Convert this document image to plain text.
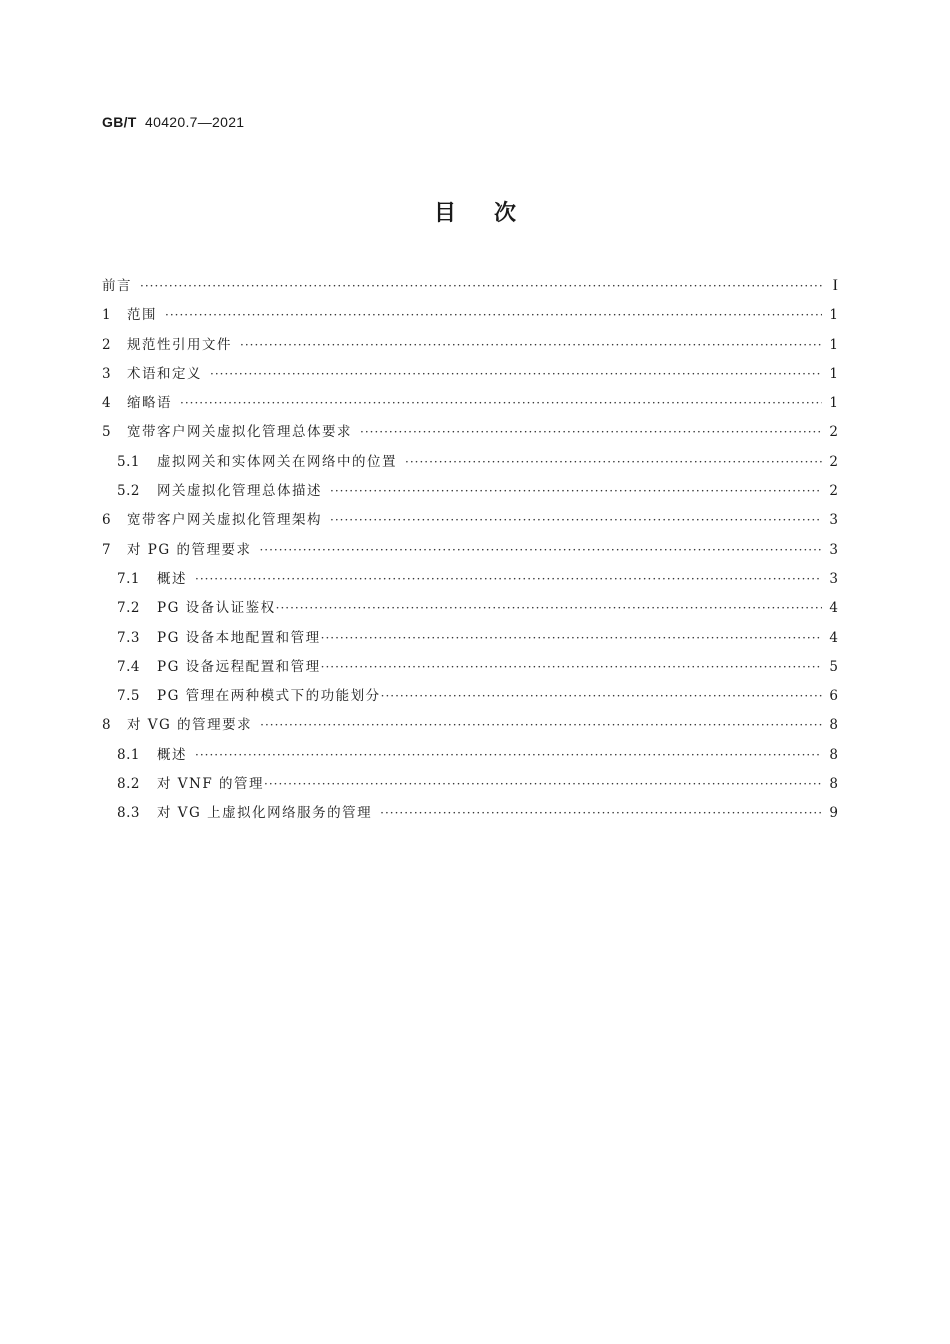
GB/T 40420.7—2021
目次
前言 ·····	I
1	范围 ·····	1
2	规范性引用文件 ·····	1
3	术语和定义 ·····	1
4	缩略语 ·····	1
5	宽带客户网关虚拟化管理总体要求 ·····	2
5.1	虚拟网关和实体网关在网络中的位置 ·····	2
5.2	网关虚拟化管理总体描述 ·····	2
6	宽带客户网关虚拟化管理架构 ·····	3
7	对 PG 的管理要求 ·····	3
7.1	概述 ·····	3
7.2	PG 设备认证鉴权 ·····	4
7.3	PG 设备本地配置和管理 ·····	4
7.4	PG 设备远程配置和管理 ·····	5
7.5	PG 管理在两种模式下的功能划分 ·····	6
8	对 VG 的管理要求 ·····	8
8.1	概述 ·····	8
8.2	对 VNF 的管理 ·····	8
8.3	对 VG 上虚拟化网络服务的管理 ·····	9
